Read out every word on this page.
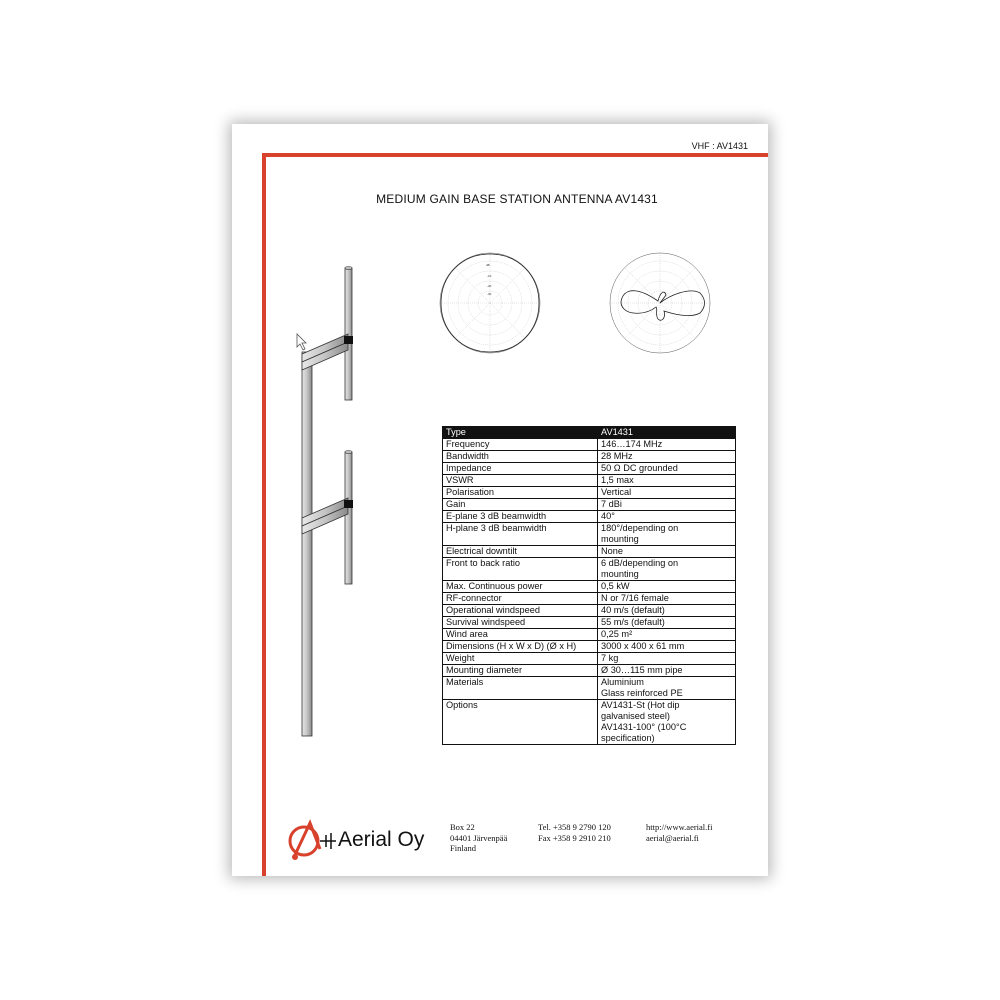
VHF : AV1431
MEDIUM GAIN BASE STATION ANTENNA AV1431
dB
-10
-20
-30
Type	AV1431
Frequency	146…174 MHz
Bandwidth	28 MHz
Impedance	50 Ω DC grounded
VSWR	1,5 max
Polarisation	Vertical
Gain	7 dBi
E-plane 3 dB beamwidth	40°
H-plane 3 dB beamwidth	180°/depending on
mounting
Electrical downtilt	None
Front to back ratio	6 dB/depending on
mounting
Max. Continuous power	0,5 kW
RF-connector	N or 7/16 female
Operational windspeed	40 m/s (default)
Survival windspeed	55 m/s (default)
Wind area	0,25 m²
Dimensions (H x W x D) (Ø x H)	3000 x 400 x 61 mm
Weight	7 kg
Mounting diameter	Ø 30…115 mm pipe
Materials	Aluminium
Glass reinforced PE
Options	AV1431-St (Hot dip
galvanised steel)
AV1431-100° (100°C
specification)
Aerial Oy
Box 22
04401 Järvenpää
Finland
Tel. +358 9 2790 120
Fax +358 9 2910 210
http://www.aerial.fi
aerial@aerial.fi
